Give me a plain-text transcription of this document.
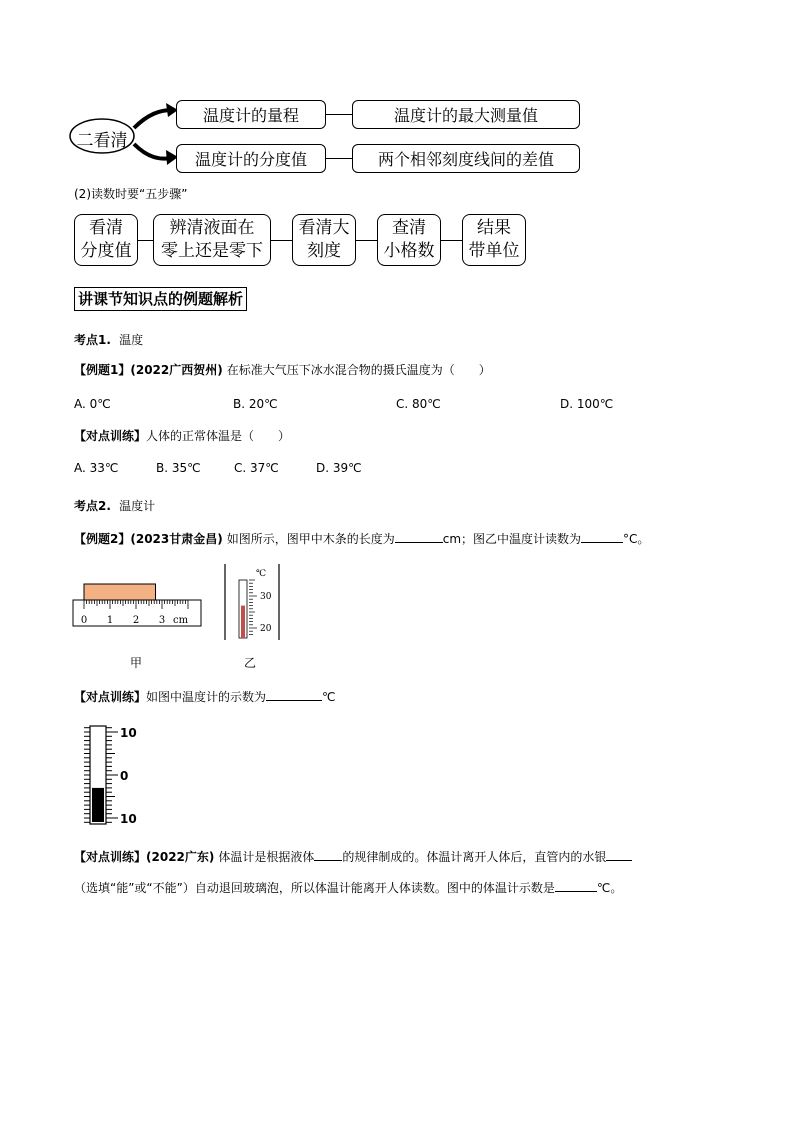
二看清
温度计的量程	温度计的最大测量值
温度计的分度值	两个相邻刻度线间的差值
(2)读数时要“五步骤”
看清
分度值
辨清液面在
零上还是零下
看清大
刻度
查清
小格数
结果
带单位
讲课节知识点的例题解析
考点1. 温度
【例题1】(2022广西贺州) 在标准大气压下冰水混合物的摄氏温度为（　　）
A. 0℃	B. 20℃	C. 80℃	D. 100℃
【对点训练】人体的正常体温是（　　）
A. 33℃	B. 35℃	C. 37℃	D. 39℃
考点2. 温度计
【例题2】(2023甘肃金昌) 如图所示，图甲中木条的长度为	cm；图乙中温度计读数为	°C。
0 1 2 3 cm
甲
℃
30
20
乙
【对点训练】如图中温度计的示数为	℃
10
0
10
【对点训练】(2022广东) 体温计是根据液体 的规律制成的。体温计离开人体后，直管内的水银
（选填“能”或“不能”）自动退回玻璃泡，所以体温计能离开人体读数。图中的体温计示数是	℃。
